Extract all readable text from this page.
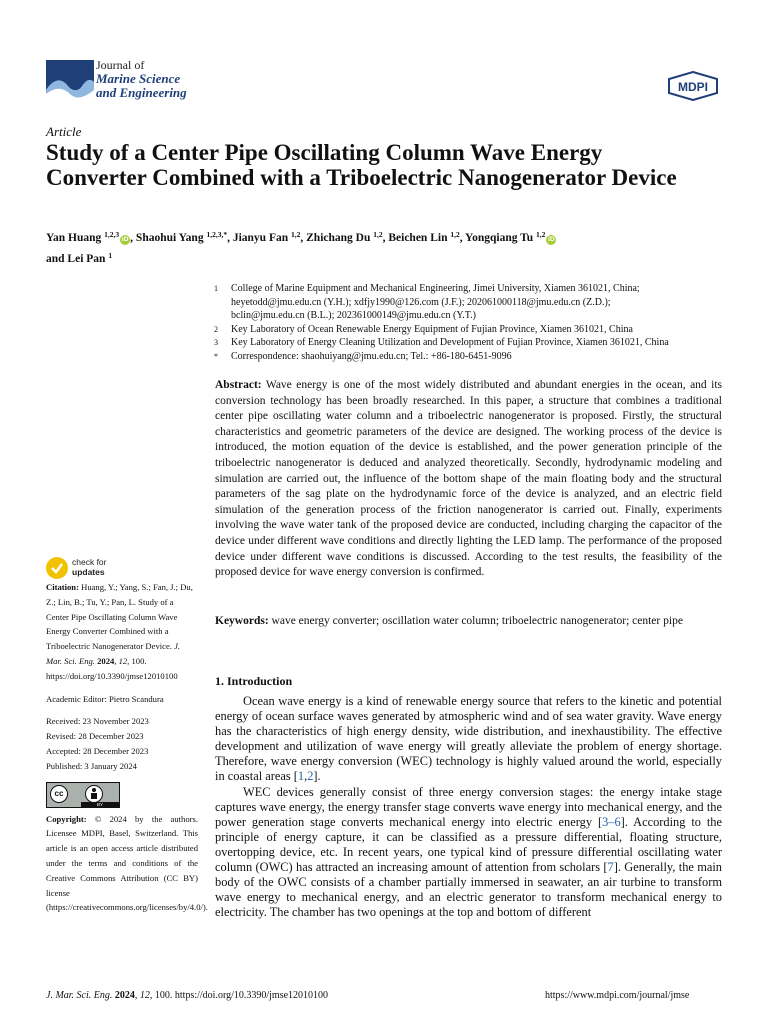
Journal of
Marine Science
and Engineering	MDPI
Article
Study of a Center Pipe Oscillating Column Wave Energy Converter Combined with a Triboelectric Nanogenerator Device
Yan Huang $^{1,2,3}$iD , Shaohui Yang $^{1,2,3,*}$, Jianyu Fan $^{1,2}$, Zhichang Du $^{1,2}$, Beichen Lin $^{1,2}$, Yongqiang Tu $^{1,2}$iD
and Lei Pan $^1$
1	College of Marine Equipment and Mechanical Engineering, Jimei University, Xiamen 361021, China;
heyetodd@jmu.edu.cn (Y.H.); xdfjy1990@126.com (J.F.); 202061000118@jmu.edu.cn (Z.D.);
bclin@jmu.edu.cn (B.L.); 202361000149@jmu.edu.cn (Y.T.)
2	Key Laboratory of Ocean Renewable Energy Equipment of Fujian Province, Xiamen 361021, China
3	Key Laboratory of Energy Cleaning Utilization and Development of Fujian Province, Xiamen 361021, China
*	Correspondence: shaohuiyang@jmu.edu.cn; Tel.: +86-180-6451-9096

Abstract: Wave energy is one of the most widely distributed and abundant energies in the ocean, and its conversion technology has been broadly researched. In this paper, a structure that combines a traditional center pipe oscillating water column and a triboelectric nanogenerator is proposed. Firstly, the structural characteristics and geometric parameters of the device are designed. The working process of the device is introduced, the motion equation of the device is established, and the power generation principle of the triboelectric nanogenerator is deduced and analyzed theoretically. Secondly, hydrodynamic modeling and simulation are carried out, the influence of the bottom shape of the main floating body and the structural parameters of the sag plate on the hydrodynamic force of the device is analyzed, and an electric field simulation of the generation process of the friction nanogenerator is carried out. Finally, experiments involving the wave water tank of the proposed device are conducted, including charging the capacitor of the device under different wave conditions and directly lighting the LED lamp. The performance of the proposed device under different wave conditions is discussed. According to the test results, the feasibility of the proposed device for wave energy conversion is confirmed.

Keywords: wave energy converter; oscillation water column; triboelectric nanogenerator; center pipe
1. Introduction

Ocean wave energy is a kind of renewable energy source that refers to the kinetic and potential energy of ocean surface waves generated by atmospheric wind and of sea water gravity. Wave energy has the characteristics of high energy density, wide distribution, and inexhaustibility. The effective development and utilization of wave energy will greatly alleviate the problem of energy shortage. Therefore, wave energy conversion (WEC) technology is highly valued around the world, especially in coastal areas [1,2].

WEC devices generally consist of three energy conversion stages: the energy intake stage captures wave energy, the energy transfer stage converts wave energy into mechanical energy, and the power generation stage converts mechanical energy into electric energy [3–6]. According to the principle of energy capture, it can be classified as a pressure differential, floating structure, overtopping device, etc. In recent years, one typical kind of pressure differential oscillating water column (OWC) has attracted an increasing amount of attention from scholars [7]. Generally, the main body of the OWC consists of a chamber partially immersed in seawater, an air turbine to transform wave energy to mechanical energy, and an electric generator to transform mechanical energy to electricity. The chamber has two openings at the top and bottom of different

check for
updates
Citation: Huang, Y.; Yang, S.; Fan, J.; Du, Z.; Lin, B.; Tu, Y.; Pan, L. Study of a Center Pipe Oscillating Column Wave Energy Converter Combined with a Triboelectric Nanogenerator Device. J. Mar. Sci. Eng. 2024, 12, 100. https://doi.org/10.3390/jmse12010100
Academic Editor: Pietro Scandura
Received: 23 November 2023
Revised: 28 December 2023
Accepted: 28 December 2023
Published: 3 January 2024
cc
BY
Copyright: © 2024 by the authors. Licensee MDPI, Basel, Switzerland. This article is an open access article distributed under the terms and conditions of the Creative Commons Attribution (CC BY) license (https://creativecommons.org/licenses/by/4.0/).
J. Mar. Sci. Eng. 2024, 12, 100. https://doi.org/10.3390/jmse12010100	https://www.mdpi.com/journal/jmse
